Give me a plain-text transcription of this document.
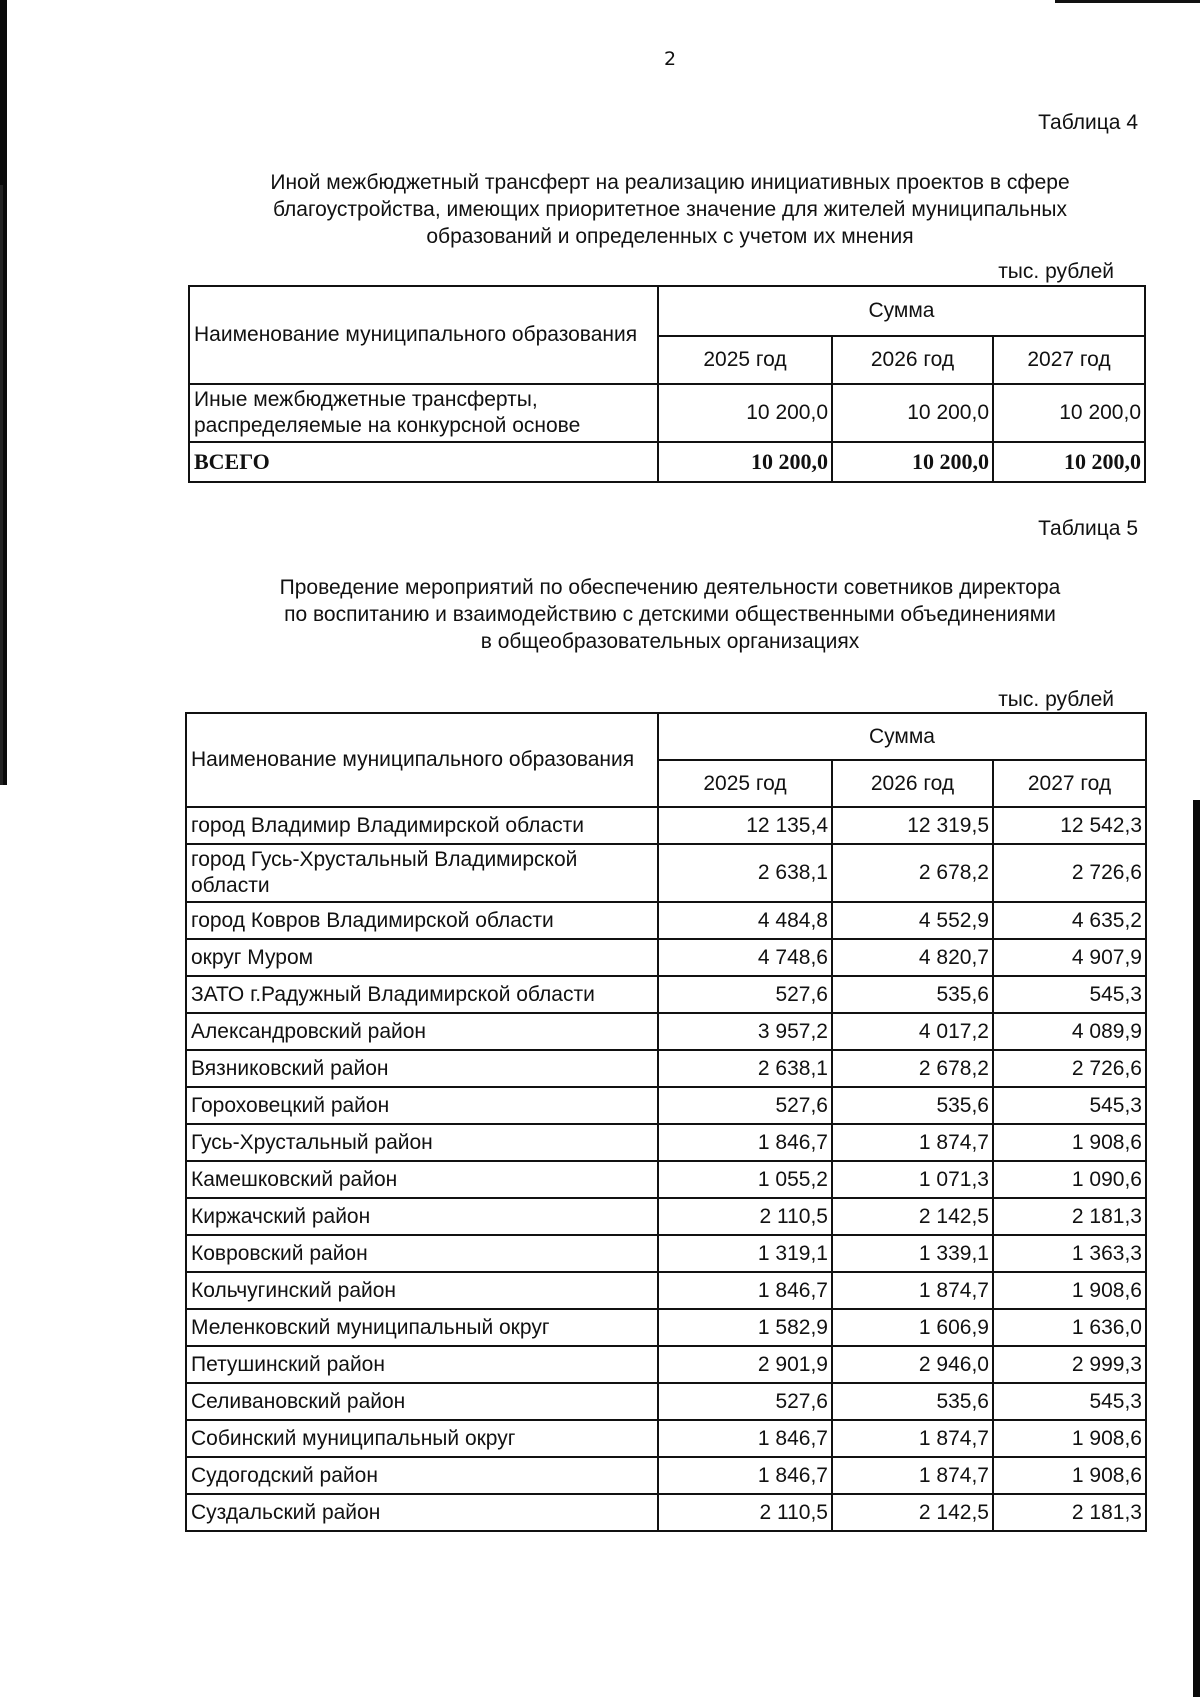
2
Таблица 4
Иной межбюджетный трансферт на реализацию инициативных проектов в сфере
благоустройства, имеющих приоритетное значение для жителей муниципальных
образований и определенных с учетом их мнения
тыс. рублей
Наименование муниципального образования	Сумма		
	2025 год	2026 год	2027 год
Иные межбюджетные трансферты, распределяемые на конкурсной основе	10 200,0	10 200,0	10 200,0
ВСЕГО	10 200,0	10 200,0	10 200,0
Таблица 5
Проведение мероприятий по обеспечению деятельности советников директора
по воспитанию и взаимодействию с детскими общественными объединениями
в общеобразовательных организациях
тыс. рублей
Наименование муниципального образования	Сумма		
	2025 год	2026 год	2027 год
город Владимир Владимирской области	12 135,4	12 319,5	12 542,3
город Гусь-Хрустальный Владимирской области	2 638,1	2 678,2	2 726,6
город Ковров Владимирской области	4 484,8	4 552,9	4 635,2
округ Муром	4 748,6	4 820,7	4 907,9
ЗАТО г.Радужный Владимирской области	527,6	535,6	545,3
Александровский район	3 957,2	4 017,2	4 089,9
Вязниковский район	2 638,1	2 678,2	2 726,6
Гороховецкий район	527,6	535,6	545,3
Гусь-Хрустальный район	1 846,7	1 874,7	1 908,6
Камешковский район	1 055,2	1 071,3	1 090,6
Киржачский район	2 110,5	2 142,5	2 181,3
Ковровский район	1 319,1	1 339,1	1 363,3
Кольчугинский район	1 846,7	1 874,7	1 908,6
Меленковский муниципальный округ	1 582,9	1 606,9	1 636,0
Петушинский район	2 901,9	2 946,0	2 999,3
Селивановский район	527,6	535,6	545,3
Собинский муниципальный округ	1 846,7	1 874,7	1 908,6
Судогодский район	1 846,7	1 874,7	1 908,6
Суздальский район	2 110,5	2 142,5	2 181,3
